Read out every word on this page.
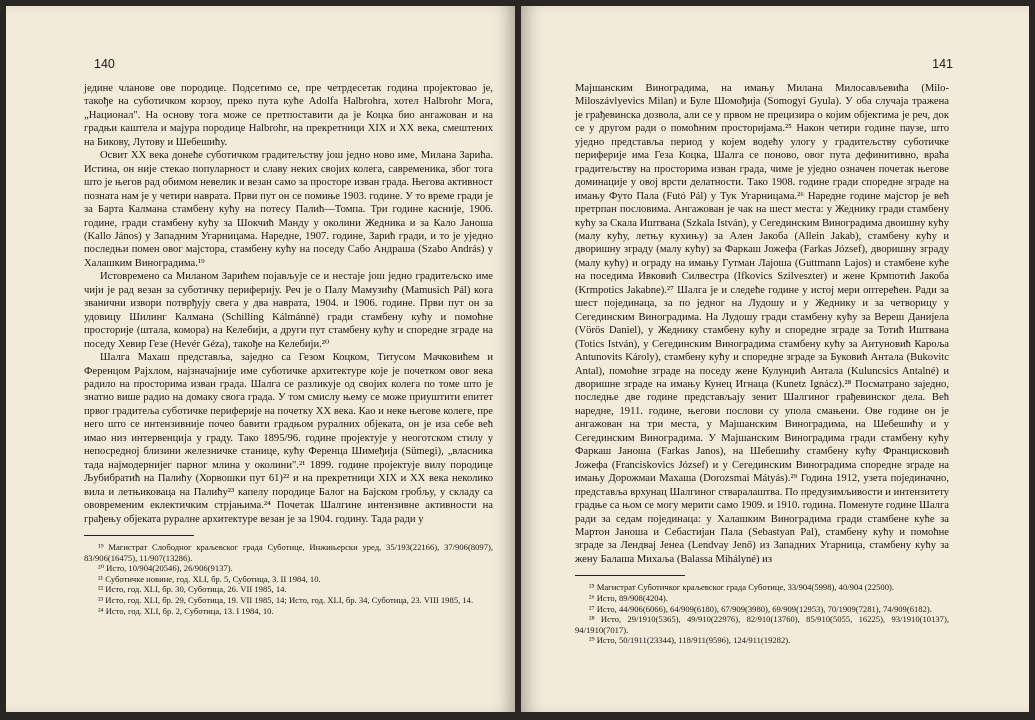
140

једине чланове ове породице. Подсетимо се, пре четрдесетак година пројектовао је, такође на суботичком корзоу, преко пута куће Adolfa Halbrohra, хотел Halbrohr Мога, „Национал". На основу тога може се претпоставити да је Коцка био ангажован и на градњи каштела и мајура породице Halbrohr, на прекретници XIX и XX века, смештених на Бикову, Лутову и Шебешићу.

Освит XX века донеће суботичком градитељству још једно ново име, Милана Зарића. Истина, он није стекао популарност и славу неких својих колега, савременика, због тога што је његов рад обимом невелик и везан само за просторе изван града. Његова активност позната нам је у четири наврата. Први пут он се помиње 1903. године. У то време гради је за Барта Калмана стамбену кућу на потесу Палић—Томпа. Три године касније, 1906. године, гради стамбену кућу за Шокчић Манду у околини Жедника и за Кало Јаноша (Kallo János) у Западним Угарницама. Наредне, 1907. године, Зарић гради, и то је уједно последњи помен овог мајстора, стамбену кућу на поседу Сабо Андраша (Szabo András) у Халашким Виноградима.¹⁹

Истовремено са Миланом Зарићем појављује се и нестаје још једно градитељско име чији је рад везан за суботичку периферију. Реч је о Палу Мамузићу (Mamusich Pál) кога званични извори потврђују свега у два наврата, 1904. и 1906. године. Први пут он за удовицу Шилинг Калмана (Schilling Kálmánné) гради стамбену кућу и помоћне просторије (штала, комора) на Келебији, а други пут стамбену кућу и споредне зграде на поседу Хевир Гезе (Hevér Géza), такође на Келебији.²⁰

Шалга Махаш представља, заједно са Гезом Коцком, Титусом Мачковићем и Ференцом Рајхлом, најзначајније име суботичке архитектуре које је почетком овог века радило на просторима изван града. Шалга се разликује од својих колега по томе што је знатно више радио на домаку свога града. У том смислу њему се може приуштити епитет првог градитеља суботичке периферије на почетку XX века. Као и неке његове колеге, пре него што се интензивније почео бавити градњом руралних објеката, он је иза себе већ имао низ интервенција у граду. Тако 1895/96. године пројектује у неоготском стилу у непосредној близини железничке станице, кућу Ференца Шимеђија (Sümegi), „власника тада најмодернијег парног млина у околини".²¹ 1899. године пројектује вилу породице Љубибратић на Палићу (Хорвошки пут 61)²² и на прекретници XIX и XX века неколико вила и летњиковаца на Палићу²³ капелу породице Балог на Бајском гробљу, у складу са ововременим еклектичким стрјањима.²⁴ Почетак Шалгине интензивне активности на грађењу објеката руралне архитектуре везан је за 1904. годину. Тада ради у

¹⁹ Магистрат Слободног краљевског града Суботице, Инжињерски уред, 35/193(22166), 37/906(8097), 83/906(16475), 11/907(13286).

²⁰ Исто, 10/904(20546), 26/906(9137).

²¹ Суботичке новине, год. XLI, бр. 5, Суботица, 3. II 1984, 10.

²² Исто, год. XLI, бр. 30, Суботица, 26. VII 1985, 14.

²³ Исто, год. XLI, бр. 29, Суботица, 19. VII 1985, 14; Исто, год. XLI, бр. 34, Суботица, 23. VIII 1985, 14.

²⁴ Исто, год. XLI, бр. 2, Суботица, 13. I 1984, 10.

141

Мајшанским Виноградима, на имању Милана Милосављевића (Milo-Miloszávlyevics Milan) и Буле Шомођија (Somogyi Gyula). У оба случаја тражена је грађевинска дозвола, али се у првом не прецизира о којим објектима је реч, док се у другом ради о помоћним просторијама.²⁵ Након четири године паузе, што уједно представља период у којем водећу улогу у градитељству суботичке периферије има Геза Коцка, Шалга се поново, овог пута дефинитивно, враћа градитељству на просторима изван града, чиме је уједно означен почетак његове доминације у овој врсти делатности. Тако 1908. године гради споредне зграде на имању Футо Пала (Futó Pál) у Тук Угарницама.²⁶ Наредне године мајстор је већ претрпан пословима. Ангажован је чак на шест места: у Жеднику гради стамбену кућу за Скала Иштвана (Szkala István), у Сегединским Виноградима двоишну кућу (малу кућу, летњу кухињу) за Ален Јакоба (Allein Jakab), стамбену кућу и дворишну зграду (малу кућу) за Фаркаш Јожефа (Farkas József), дворишну зграду (малу кућу) и ограду на имању Гутман Лајоша (Guttmann Lajos) и стамбене куће на поседима Ивковић Силвестра (Ifkovics Szilveszter) и жене Крмпотић Јакоба (Krmpotics Jakabne).²⁷ Шалга је и следеће године у истој мери оптерећен. Ради за шест појединаца, за по једног на Лудошу и у Жеднику и за четворицу у Сегединским Виноградима. На Лудошу гради стамбену кућу за Вереш Данијела (Vörös Daniel), у Жеднику стамбену кућу и споредне зграде за Тотић Иштвана (Totics István), у Сегединским Виноградима стамбену кућу за Антуновић Карољa Antunovits Károly), стамбену кућу и споредне зграде за Буковић Антала (Bukovitc Antal), помоћне зграде на поседу жене Кулунџић Антала (Kuluncsics Antalné) и дворишне зграде на имању Кунец Игнаца (Kunetz Ignácz).²⁸ Посматрано заједно, последње две године представљају зенит Шалгиног грађевинског дела. Већ наредне, 1911. године, његови послови су упола смањени. Ове године он је ангажован на три места, у Мајшанским Виноградима, на Шебешићу и у Сегединским Виноградима. У Мајшанским Виноградима гради стамбену кућу Фаркаш Јаноша (Farkas Janos), на Шебешићу стамбену кућу Францисковић Јожефа (Franciskovics József) и у Сегединским Виноградима споредне зграде на имању Дорожмаи Махаша (Dorozsmai Mátyás).²⁹ Година 1912, узета појединачно, представља врхунац Шалгиног стваралаштва. По предузимљивости и интензитету градње са њом се могу мерити само 1909. и 1910. година. Поменуте године Шалга ради за седам појединаца: у Халашким Виноградима гради стамбене куће за Мартон Јаноша и Себастијан Пала (Sebastyan Pal), стамбену кућу и помоћне зграде за Лендвај Јенеа (Lendvay Jenő) из Западних Угарница, стамбену кућу за жену Балаша Михаља (Balassa Mihályné) из

²⁵ Магистрат Суботичког краљевског града Суботице, 33/904(5998), 40/904 (22500).

²⁶ Исто, 89/908(4204).

²⁷ Исто, 44/906(6066), 64/909(6180), 67/909(3980), 69/909(12953), 70/1909(7281), 74/909(6182).

²⁸ Исто, 29/1910(5365), 49/910(22976), 82/910(13760), 85/910(5055, 16225), 93/1910(10137), 94/1910(7017).

²⁹ Исто, 50/1911(23344), 118/911(9596), 124/911(19282).
